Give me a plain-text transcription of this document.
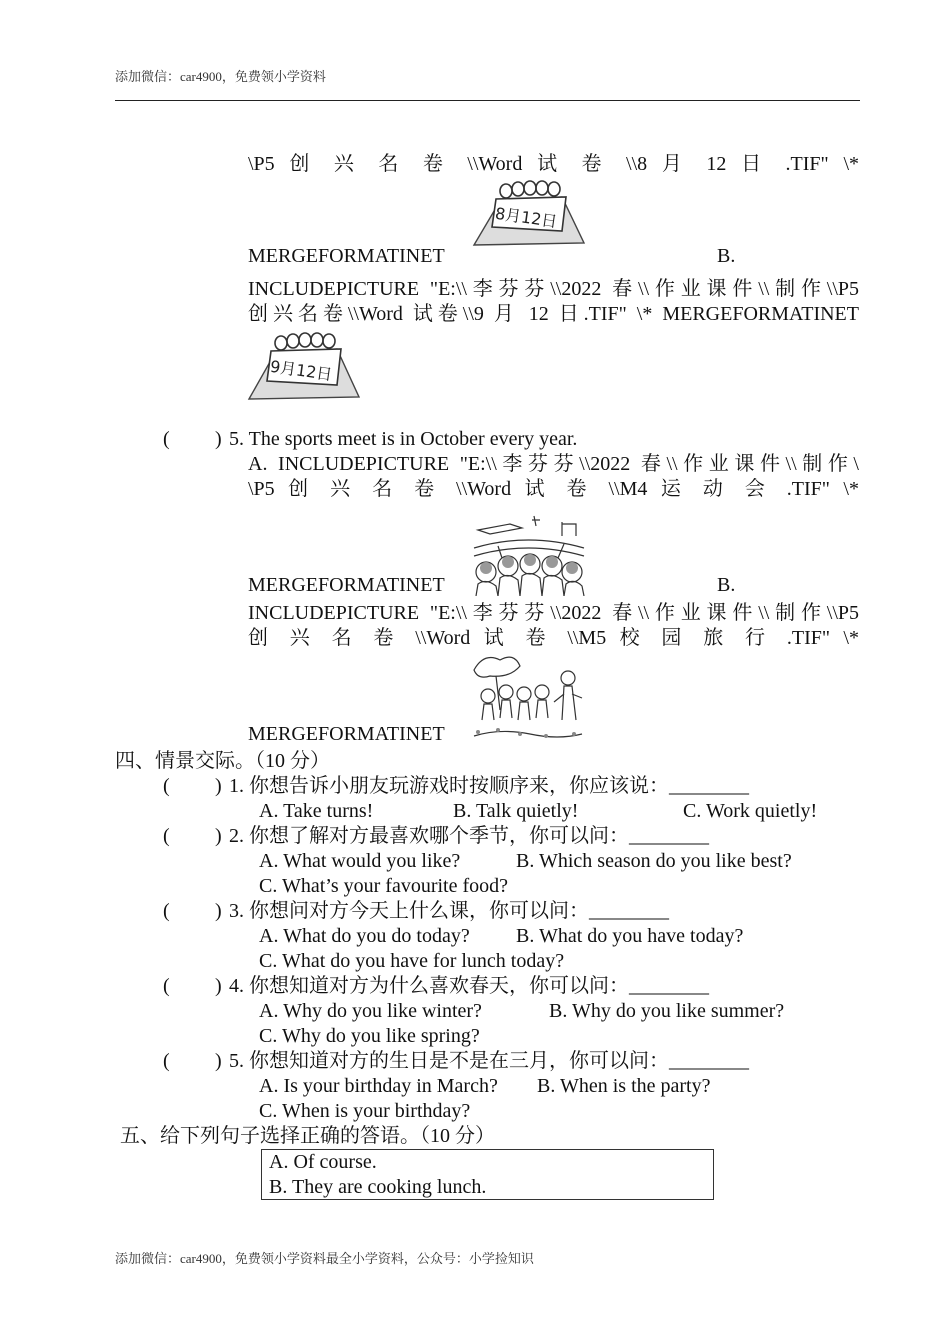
添加微信：car4900，免费领小学资料
\P5 创 兴 名 卷 \\Word 试 卷 \\8 月 12 日 .TIF" \*
8月12日
MERGEFORMATINET	B.
INCLUDEPICTURE "E:\\李芬芬\\2022 春\\作业课件\\制作\\P5
创兴名卷\\Word 试卷\\9 月 12 日.TIF" \* MERGEFORMATINET
9月12日
( ) 5. The sports meet is in October every year.
A. INCLUDEPICTURE "E:\\李芬芬\\2022 春\\作业课件\\制作\
\P5 创 兴 名 卷 \\Word 试 卷 \\M4 运 动 会 .TIF" \*
MERGEFORMATINET	B.
INCLUDEPICTURE "E:\\李芬芬\\2022 春\\作业课件\\制作\\P5
创 兴 名 卷 \\Word 试 卷 \\M5 校 园 旅 行 .TIF" \*
MERGEFORMATINET
四、情景交际。（10 分）
( ) 1. 你想告诉小朋友玩游戏时按顺序来，你应该说：________
A. Take turns!	B. Talk quietly!	C. Work quietly!
( ) 2. 你想了解对方最喜欢哪个季节，你可以问：________
A. What would you like?	B. Which season do you like best?
C. What’s your favourite food?
( ) 3. 你想问对方今天上什么课，你可以问：________
A. What do you do today? B. What do you have today?
C. What do you have for lunch today?
( ) 4. 你想知道对方为什么喜欢春天，你可以问：________
A. Why do you like winter?	B. Why do you like summer?
C. Why do you like spring?
( ) 5. 你想知道对方的生日是不是在三月，你可以问：________
A. Is your birthday in March? B. When is the party?
C. When is your birthday?
五、给下列句子选择正确的答语。（10 分）
A. Of course.
B. They are cooking lunch.
添加微信：car4900，免费领小学资料最全小学资料，公众号：小学捡知识
